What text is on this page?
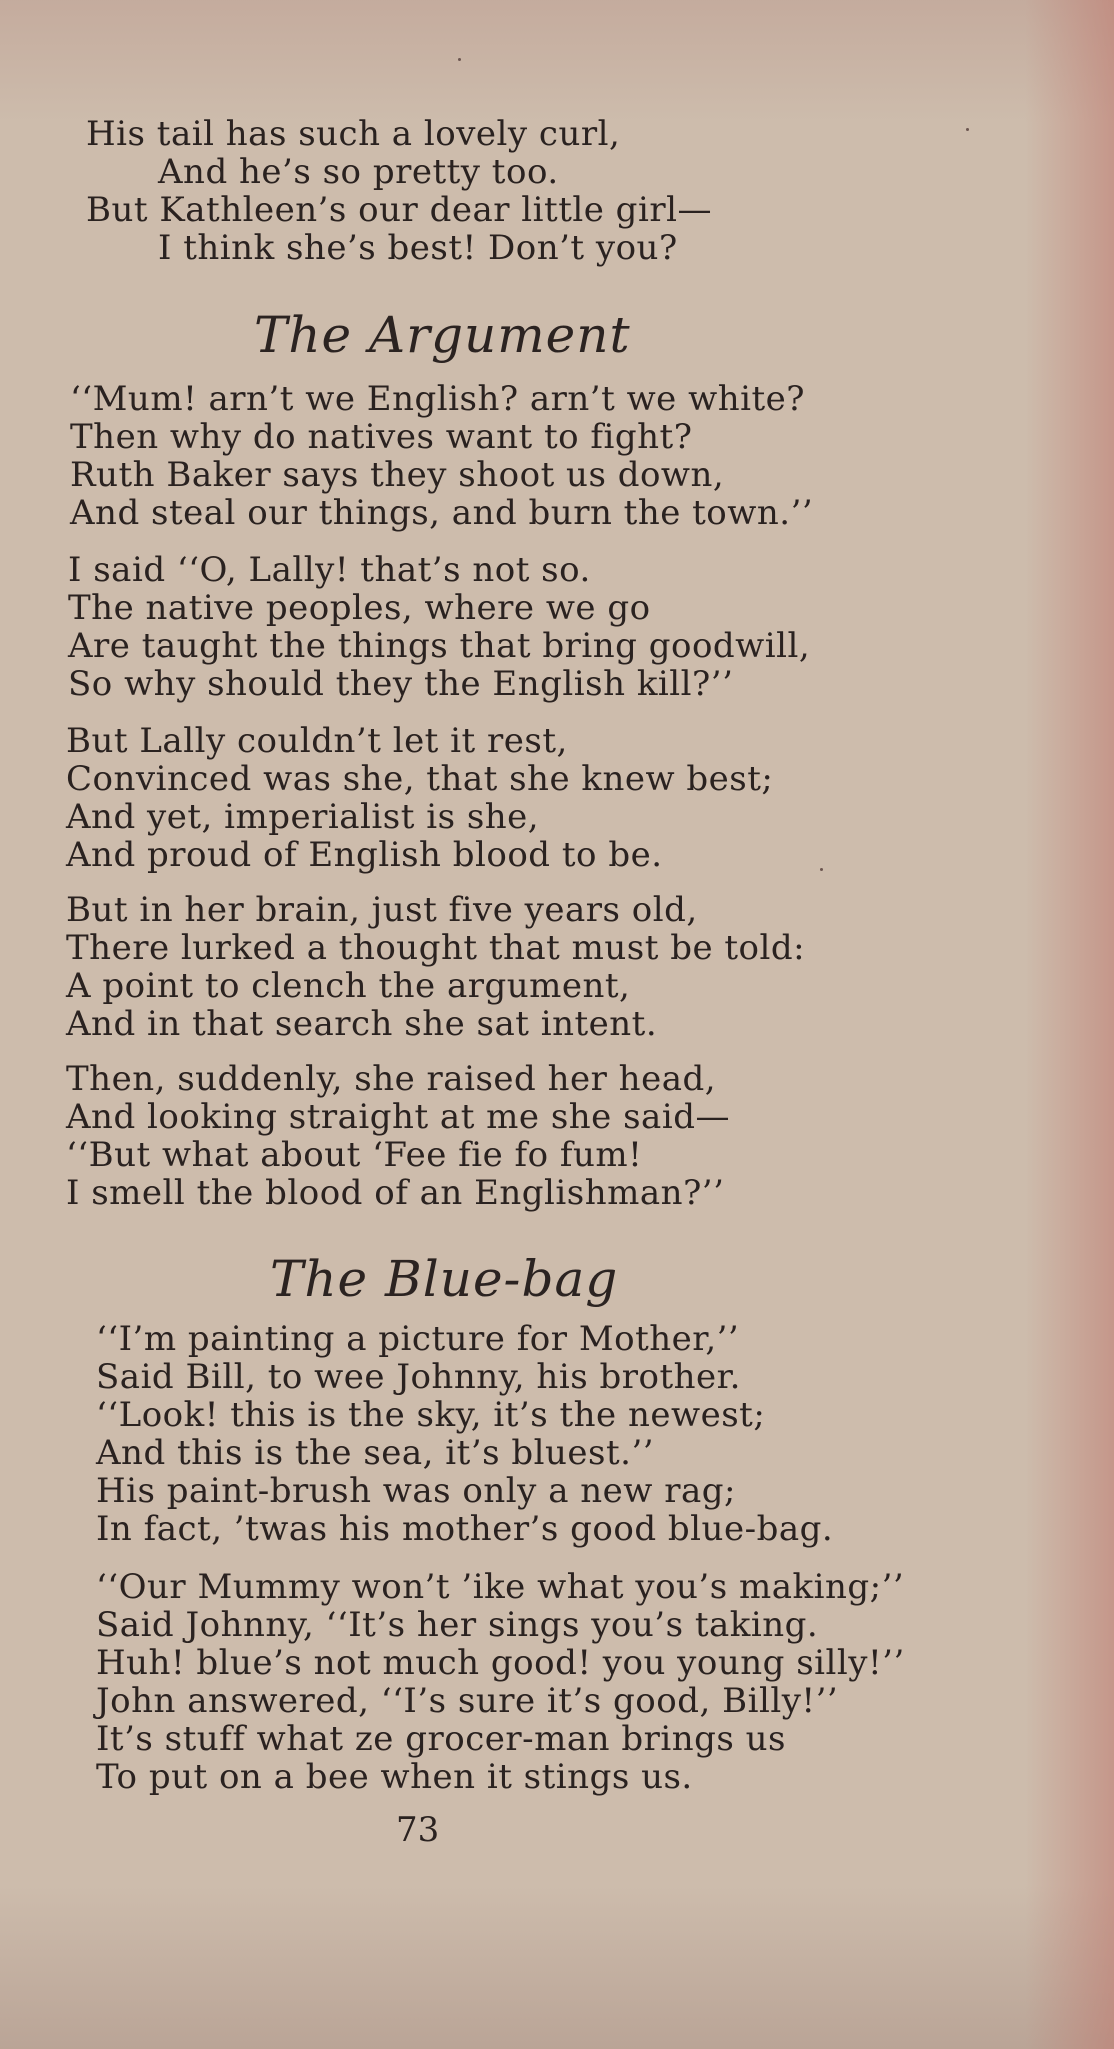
His tail has such a lovely curl,
And he’s so pretty too.
But Kathleen’s our dear little girl—
I think she’s best! Don’t you?
The Argument
‘‘Mum! arn’t we English? arn’t we white?
Then why do natives want to fight?
Ruth Baker says they shoot us down,
And steal our things, and burn the town.’’
I said ‘‘O, Lally! that’s not so.
The native peoples, where we go
Are taught the things that bring goodwill,
So why should they the English kill?’’
But Lally couldn’t let it rest,
Convinced was she, that she knew best;
And yet, imperialist is she,
And proud of English blood to be.
But in her brain, just five years old,
There lurked a thought that must be told:
A point to clench the argument,
And in that search she sat intent.
Then, suddenly, she raised her head,
And looking straight at me she said—
‘‘But what about ‘Fee fie fo fum!
I smell the blood of an Englishman?’’
The Blue-bag
‘‘I’m painting a picture for Mother,’’
Said Bill, to wee Johnny, his brother.
‘‘Look! this is the sky, it’s the newest;
And this is the sea, it’s bluest.’’
His paint-brush was only a new rag;
In fact, ’twas his mother’s good blue-bag.
‘‘Our Mummy won’t ’ike what you’s making;’’
Said Johnny, ‘‘It’s her sings you’s taking.
Huh! blue’s not much good! you young silly!’’
John answered, ‘‘I’s sure it’s good, Billy!’’
It’s stuff what ze grocer-man brings us
To put on a bee when it stings us.
73
